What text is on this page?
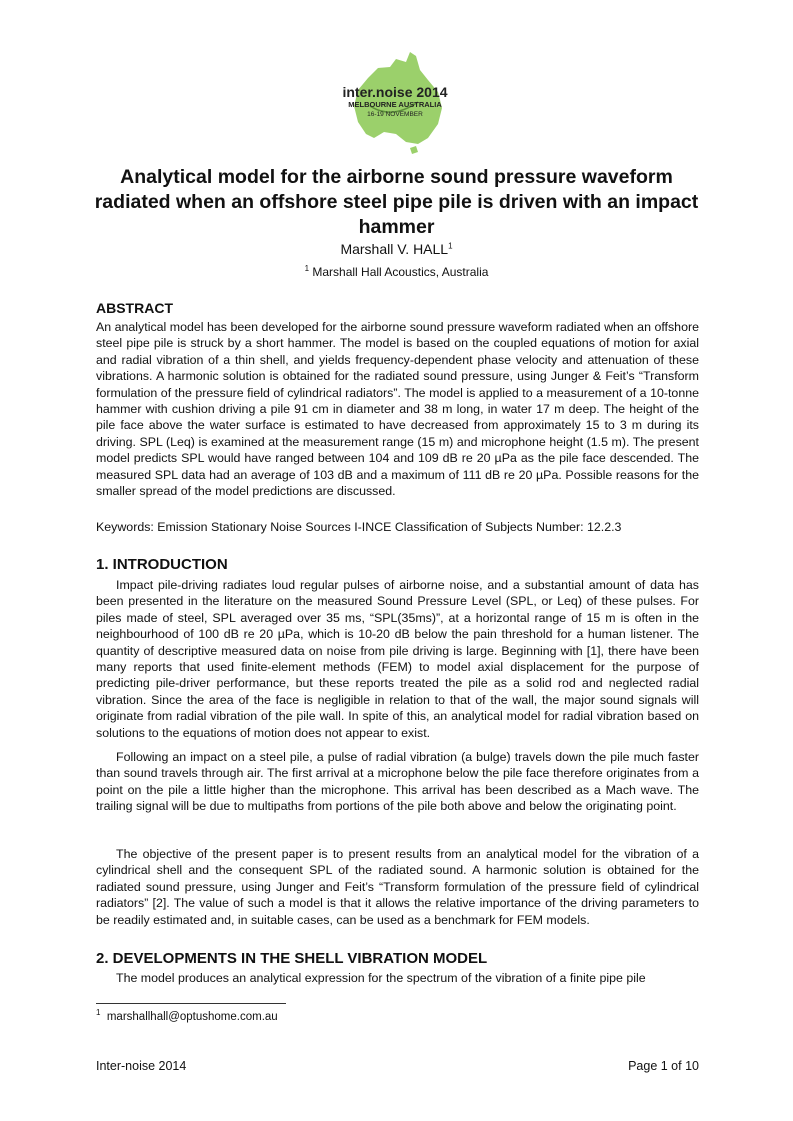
inter.noise 2014
MELBOURNE AUSTRALIA
16-19 NOVEMBER
Analytical model for the airborne sound pressure waveform radiated when an offshore steel pipe pile is driven with an impact hammer
Marshall V. HALL$^1$
$^1$ Marshall Hall Acoustics, Australia
ABSTRACT

An analytical model has been developed for the airborne sound pressure waveform radiated when an offshore steel pipe pile is struck by a short hammer. The model is based on the coupled equations of motion for axial and radial vibration of a thin shell, and yields frequency-dependent phase velocity and attenuation of these vibrations. A harmonic solution is obtained for the radiated sound pressure, using Junger & Feit’s “Transform formulation of the pressure field of cylindrical radiators”. The model is applied to a measurement of a 10-tonne hammer with cushion driving a pile 91 cm in diameter and 38 m long, in water 17 m deep. The height of the pile face above the water surface is estimated to have decreased from approximately 15 to 3 m during its driving. SPL (Leq) is examined at the measurement range (15 m) and microphone height (1.5 m). The present model predicts SPL would have ranged between 104 and 109 dB re 20 µPa as the pile face descended. The measured SPL data had an average of 103 dB and a maximum of 111 dB re 20 µPa. Possible reasons for the smaller spread of the model predictions are discussed.

Keywords: Emission Stationary Noise Sources I-INCE Classification of Subjects Number: 12.2.3

1. INTRODUCTION

Impact pile-driving radiates loud regular pulses of airborne noise, and a substantial amount of data has been presented in the literature on the measured Sound Pressure Level (SPL, or Leq) of these pulses. For piles made of steel, SPL averaged over 35 ms, “SPL(35ms)”, at a horizontal range of 15 m is often in the neighbourhood of 100 dB re 20 µPa, which is 10-20 dB below the pain threshold for a human listener. The quantity of descriptive measured data on noise from pile driving is large. Beginning with [1], there have been many reports that used finite-element methods (FEM) to model axial displacement for the purpose of predicting pile-driver performance, but these reports treated the pile as a solid rod and neglected radial vibration. Since the area of the face is negligible in relation to that of the wall, the major sound signals will originate from radial vibration of the pile wall. In spite of this, an analytical model for radial vibration based on solutions to the equations of motion does not appear to exist.

Following an impact on a steel pile, a pulse of radial vibration (a bulge) travels down the pile much faster than sound travels through air. The first arrival at a microphone below the pile face therefore originates from a point on the pile a little higher than the microphone. This arrival has been described as a Mach wave. The trailing signal will be due to multipaths from portions of the pile both above and below the originating point.

The objective of the present paper is to present results from an analytical model for the vibration of a cylindrical shell and the consequent SPL of the radiated sound. A harmonic solution is obtained for the radiated sound pressure, using Junger and Feit’s “Transform formulation of the pressure field of cylindrical radiators” [2]. The value of such a model is that it allows the relative importance of the driving parameters to be readily estimated and, in suitable cases, can be used as a benchmark for FEM models.

2. DEVELOPMENTS IN THE SHELL VIBRATION MODEL

The model produces an analytical expression for the spectrum of the vibration of a finite pipe pile

$^1$ marshallhall@optushome.com.au
Inter-noise 2014	Page 1 of 10
